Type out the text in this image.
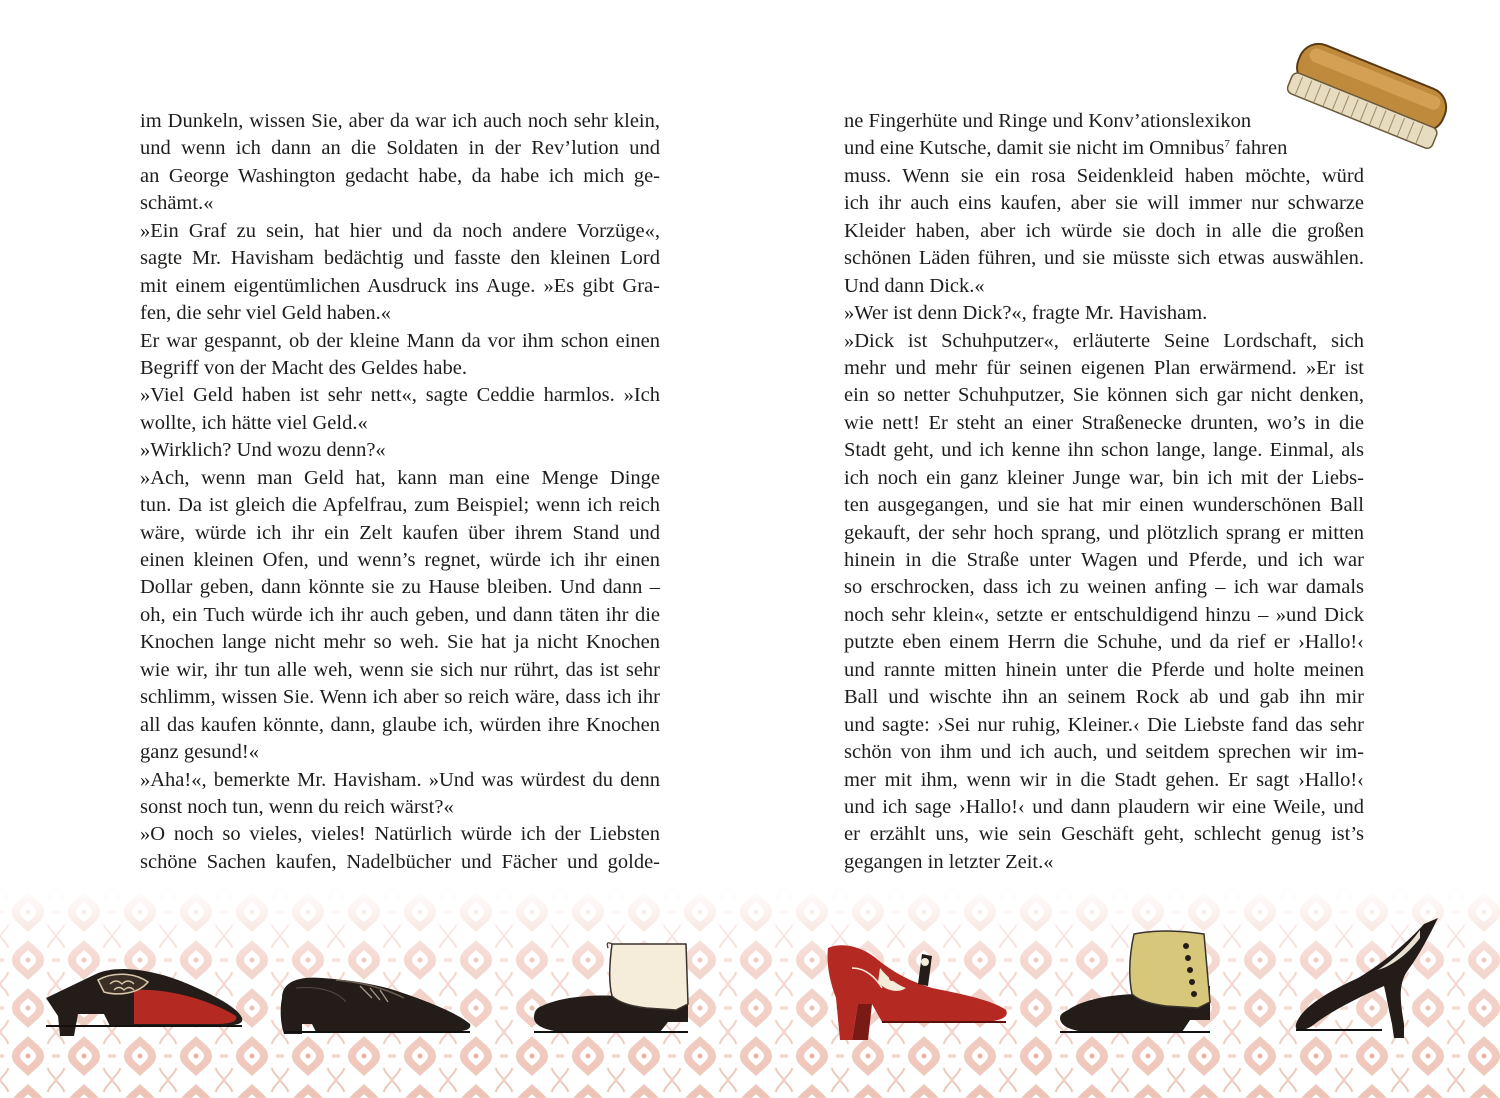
im Dunkeln, wissen Sie, aber da war ich auch noch sehr klein,
und wenn ich dann an die Soldaten in der Rev’lution und
an George Washington gedacht habe, da habe ich mich ge-
schämt.«
»Ein Graf zu sein, hat hier und da noch andere Vorzüge«,
sagte Mr. Havisham bedächtig und fasste den kleinen Lord
mit einem eigentümlichen Ausdruck ins Auge. »Es gibt Gra-
fen, die sehr viel Geld haben.«
Er war gespannt, ob der kleine Mann da vor ihm schon einen
Begriff von der Macht des Geldes habe.
»Viel Geld haben ist sehr nett«, sagte Ceddie harmlos. »Ich
wollte, ich hätte viel Geld.«
»Wirklich? Und wozu denn?«
»Ach, wenn man Geld hat, kann man eine Menge Dinge
tun. Da ist gleich die Apfelfrau, zum Beispiel; wenn ich reich
wäre, würde ich ihr ein Zelt kaufen über ihrem Stand und
einen kleinen Ofen, und wenn’s regnet, würde ich ihr einen
Dollar geben, dann könnte sie zu Hause bleiben. Und dann –
oh, ein Tuch würde ich ihr auch geben, und dann täten ihr die
Knochen lange nicht mehr so weh. Sie hat ja nicht Knochen
wie wir, ihr tun alle weh, wenn sie sich nur rührt, das ist sehr
schlimm, wissen Sie. Wenn ich aber so reich wäre, dass ich ihr
all das kaufen könnte, dann, glaube ich, würden ihre Knochen
ganz gesund!«
»Aha!«, bemerkte Mr. Havisham. »Und was würdest du denn
sonst noch tun, wenn du reich wärst?«
»O noch so vieles, vieles! Natürlich würde ich der Liebsten
schöne Sachen kaufen, Nadelbücher und Fächer und golde-
ne Fingerhüte und Ringe und Konv’ationslexikon
und eine Kutsche, damit sie nicht im Omnibus$^7$ fahren
muss. Wenn sie ein rosa Seidenkleid haben möchte, würd
ich ihr auch eins kaufen, aber sie will immer nur schwarze
Kleider haben, aber ich würde sie doch in alle die großen
schönen Läden führen, und sie müsste sich etwas auswählen.
Und dann Dick.«
»Wer ist denn Dick?«, fragte Mr. Havisham.
»Dick ist Schuhputzer«, erläuterte Seine Lordschaft, sich
mehr und mehr für seinen eigenen Plan erwärmend. »Er ist
ein so netter Schuhputzer, Sie können sich gar nicht denken,
wie nett! Er steht an einer Straßenecke drunten, wo’s in die
Stadt geht, und ich kenne ihn schon lange, lange. Einmal, als
ich noch ein ganz kleiner Junge war, bin ich mit der Liebs-
ten ausgegangen, und sie hat mir einen wunderschönen Ball
gekauft, der sehr hoch sprang, und plötzlich sprang er mitten
hinein in die Straße unter Wagen und Pferde, und ich war
so erschrocken, dass ich zu weinen anfing – ich war damals
noch sehr klein«, setzte er entschuldigend hinzu – »und Dick
putzte eben einem Herrn die Schuhe, und da rief er ›Hallo!‹
und rannte mitten hinein unter die Pferde und holte meinen
Ball und wischte ihn an seinem Rock ab und gab ihn mir
und sagte: ›Sei nur ruhig, Kleiner.‹ Die Liebste fand das sehr
schön von ihm und ich auch, und seitdem sprechen wir im-
mer mit ihm, wenn wir in die Stadt gehen. Er sagt ›Hallo!‹
und ich sage ›Hallo!‹ und dann plaudern wir eine Weile, und
er erzählt uns, wie sein Geschäft geht, schlecht genug ist’s
gegangen in letzter Zeit.«
